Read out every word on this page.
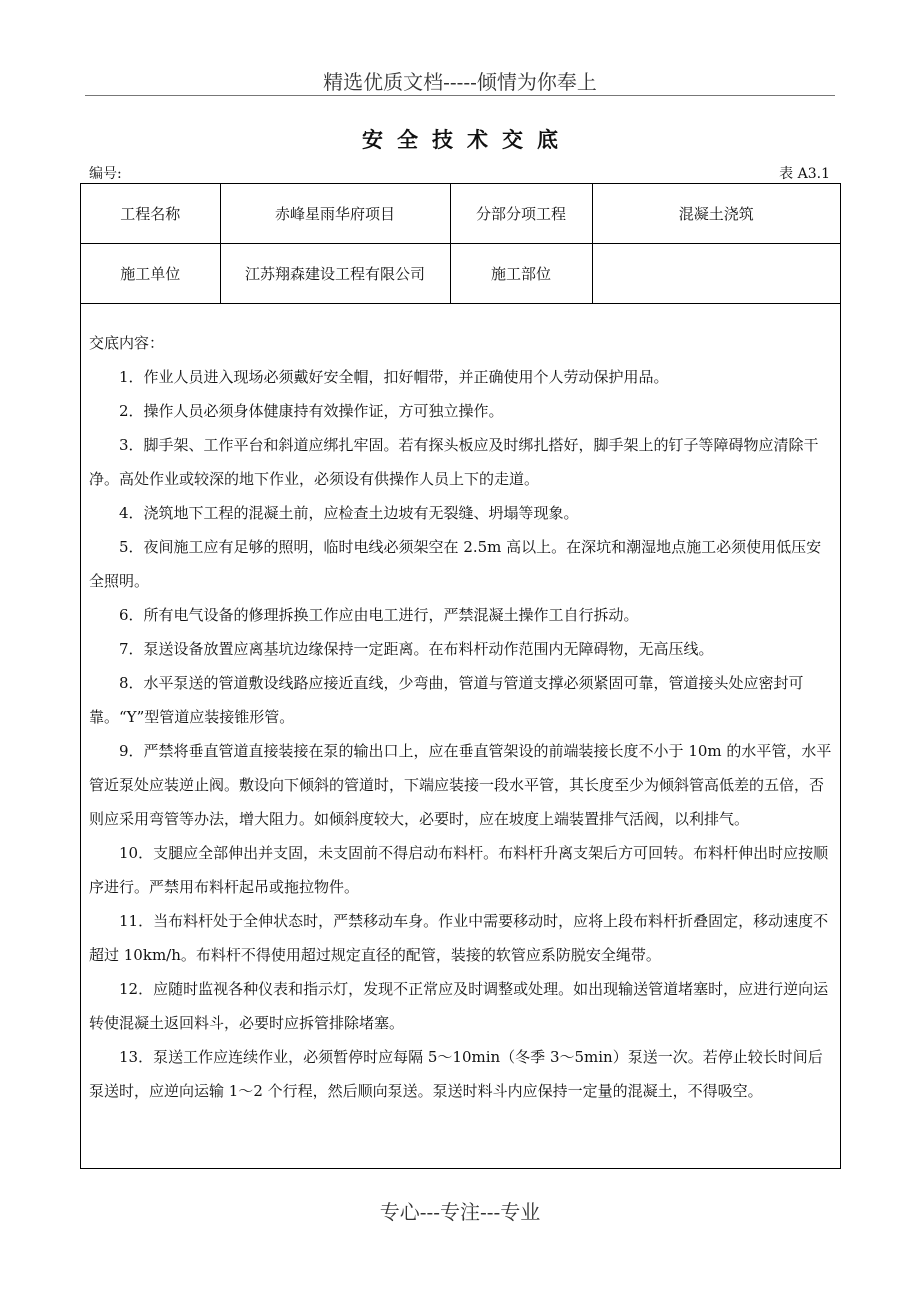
精选优质文档-----倾情为你奉上
安全技术交底
编号:	表 A3.1
工程名称	赤峰星雨华府项目	分部分项工程	混凝土浇筑
施工单位	江苏翔森建设工程有限公司	施工部位	

交底内容：

1．作业人员进入现场必须戴好安全帽，扣好帽带，并正确使用个人劳动保护用品。

2．操作人员必须身体健康持有效操作证，方可独立操作。

3．脚手架、工作平台和斜道应绑扎牢固。若有探头板应及时绑扎搭好，脚手架上的钉子等障碍物应清除干净。高处作业或较深的地下作业，必须设有供操作人员上下的走道。

4．浇筑地下工程的混凝土前，应检查土边坡有无裂缝、坍塌等现象。

5．夜间施工应有足够的照明，临时电线必须架空在 2.5m 高以上。在深坑和潮湿地点施工必须使用低压安全照明。

6．所有电气设备的修理拆换工作应由电工进行，严禁混凝土操作工自行拆动。

7．泵送设备放置应离基坑边缘保持一定距离。在布料杆动作范围内无障碍物，无高压线。

8．水平泵送的管道敷设线路应接近直线，少弯曲，管道与管道支撑必须紧固可靠，管道接头处应密封可靠。“Y”型管道应装接锥形管。

9．严禁将垂直管道直接装接在泵的输出口上，应在垂直管架设的前端装接长度不小于 10m 的水平管，水平管近泵处应装逆止阀。敷设向下倾斜的管道时，下端应装接一段水平管，其长度至少为倾斜管高低差的五倍，否则应采用弯管等办法，增大阻力。如倾斜度较大，必要时，应在坡度上端装置排气活阀，以利排气。

10．支腿应全部伸出并支固，未支固前不得启动布料杆。布料杆升离支架后方可回转。布料杆伸出时应按顺序进行。严禁用布料杆起吊或拖拉物件。

11．当布料杆处于全伸状态时，严禁移动车身。作业中需要移动时，应将上段布料杆折叠固定，移动速度不超过 10km/h。布料杆不得使用超过规定直径的配管，装接的软管应系防脱安全绳带。

12．应随时监视各种仪表和指示灯，发现不正常应及时调整或处理。如出现输送管道堵塞时，应进行逆向运转使混凝土返回料斗，必要时应拆管排除堵塞。

13．泵送工作应连续作业，必须暂停时应每隔 5～10min（冬季 3～5min）泵送一次。若停止较长时间后泵送时，应逆向运输 1～2 个行程，然后顺向泵送。泵送时料斗内应保持一定量的混凝土，不得吸空。

专心---专注---专业
